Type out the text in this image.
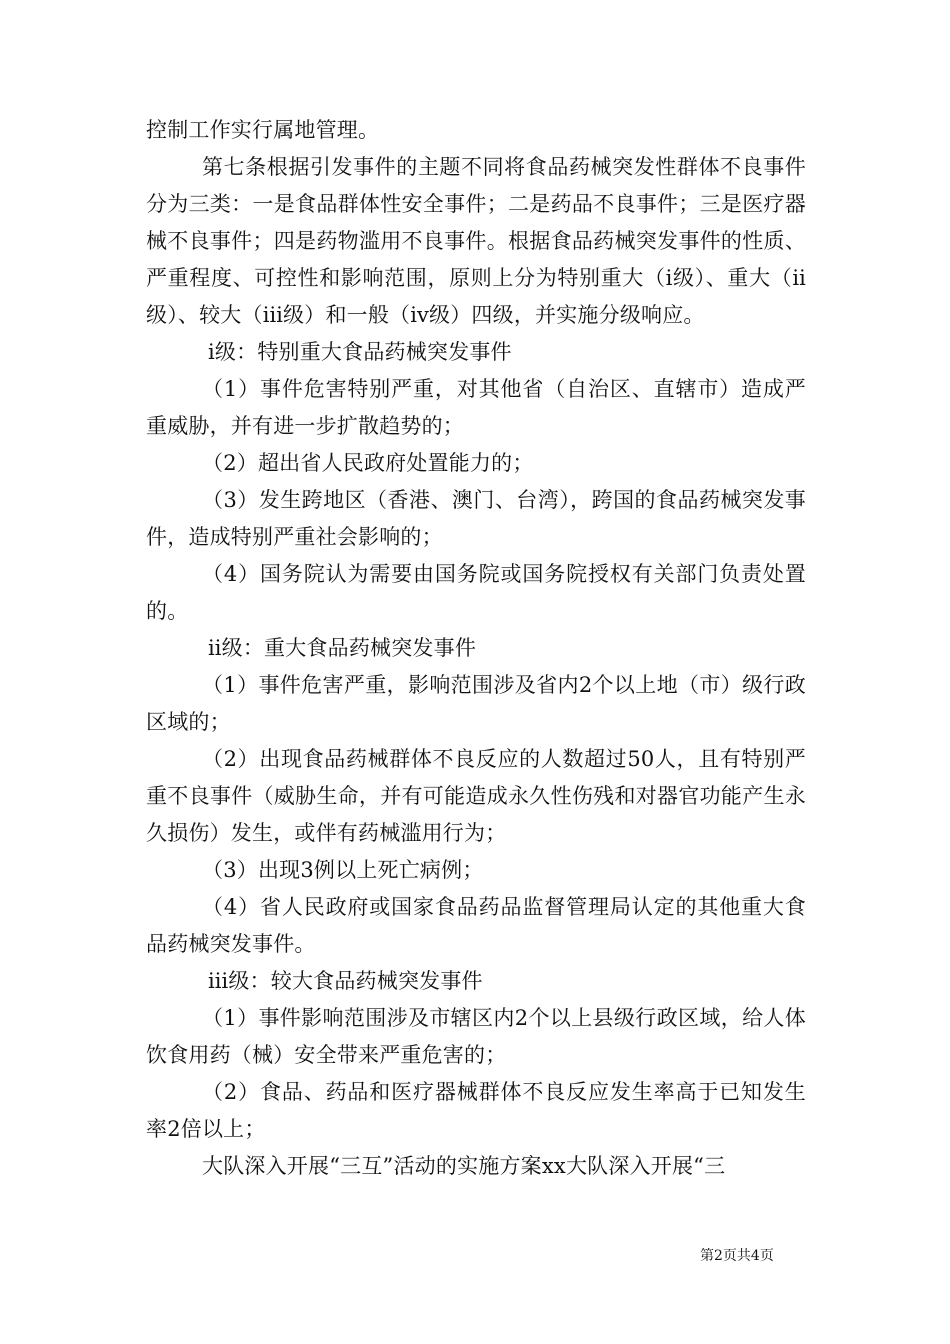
控制工作实行属地管理。

第七条根据引发事件的主题不同将食品药械突发性群体不良事件分为三类：一是食品群体性安全事件；二是药品不良事件；三是医疗器械不良事件；四是药物滥用不良事件。根据食品药械突发事件的性质、严重程度、可控性和影响范围，原则上分为特别重大（ⅰ级）、重大（ⅱ级）、较大（ⅲ级）和一般（ⅳ级）四级，并实施分级响应。

ⅰ级：特别重大食品药械突发事件

（1）事件危害特别严重，对其他省（自治区、直辖市）造成严重威胁，并有进一步扩散趋势的；

（2）超出省人民政府处置能力的；

（3）发生跨地区（香港、澳门、台湾），跨国的食品药械突发事件，造成特别严重社会影响的；

（4）国务院认为需要由国务院或国务院授权有关部门负责处置的。

ⅱ级：重大食品药械突发事件

（1）事件危害严重，影响范围涉及省内2个以上地（市）级行政区域的；

（2）出现食品药械群体不良反应的人数超过50人，且有特别严重不良事件（威胁生命，并有可能造成永久性伤残和对器官功能产生永久损伤）发生，或伴有药械滥用行为；

（3）出现3例以上死亡病例；

（4）省人民政府或国家食品药品监督管理局认定的其他重大食品药械突发事件。

ⅲ级：较大食品药械突发事件

（1）事件影响范围涉及市辖区内2个以上县级行政区域，给人体饮食用药（械）安全带来严重危害的；

（2）食品、药品和医疗器械群体不良反应发生率高于已知发生率2倍以上；

大队深入开展“三互”活动的实施方案xx大队深入开展“三

第2页共4页
